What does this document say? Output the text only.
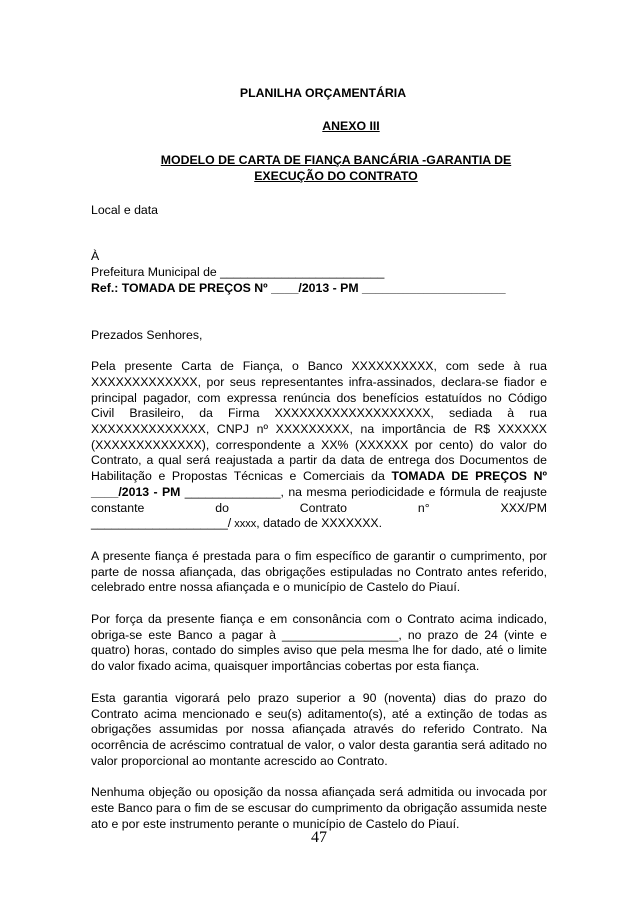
PLANILHA ORÇAMENTÁRIA

ANEXO III

MODELO DE CARTA DE FIANÇA BANCÁRIA -GARANTIA DE
EXECUÇÃO DO CONTRATO

Local e data

À

Prefeitura Municipal de ________________________

Ref.: TOMADA DE PREÇOS Nº ____/2013 - PM _____________________

Prezados Senhores,

Pela presente Carta de Fiança, o Banco XXXXXXXXXX, com sede à rua XXXXXXXXXXXXX, por seus representantes infra-assinados, declara-se fiador e principal pagador, com expressa renúncia dos benefícios estatuídos no Código Civil Brasileiro, da Firma XXXXXXXXXXXXXXXXXXX, sediada à rua XXXXXXXXXXXXXX, CNPJ nº XXXXXXXXX, na importância de R$ XXXXXX (XXXXXXXXXXXXX), correspondente a XX% (XXXXXX por cento) do valor do Contrato, a qual será reajustada a partir da data de entrega dos Documentos de Habilitação e Propostas Técnicas e Comerciais da TOMADA DE PREÇOS Nº ____/2013 - PM ______________, na mesma periodicidade e fórmula de reajuste constante do Contrato n° XXX/PM

____________________/ xxxx, datado de XXXXXXX.

A presente fiança é prestada para o fim específico de garantir o cumprimento, por parte de nossa afiançada, das obrigações estipuladas no Contrato antes referido, celebrado entre nossa afiançada e o município de Castelo do Piauí.

Por força da presente fiança e em consonância com o Contrato acima indicado, obriga-se este Banco a pagar à _________________, no prazo de 24 (vinte e quatro) horas, contado do simples aviso que pela mesma lhe for dado, até o limite do valor fixado acima, quaisquer importâncias cobertas por esta fiança.

Esta garantia vigorará pelo prazo superior a 90 (noventa) dias do prazo do Contrato acima mencionado e seu(s) aditamento(s), até a extinção de todas as obrigações assumidas por nossa afiançada através do referido Contrato. Na ocorrência de acréscimo contratual de valor, o valor desta garantia será aditado no valor proporcional ao montante acrescido ao Contrato.

Nenhuma objeção ou oposição da nossa afiançada será admitida ou invocada por este Banco para o fim de se escusar do cumprimento da obrigação assumida neste ato e por este instrumento perante o município de Castelo do Piauí.

47
